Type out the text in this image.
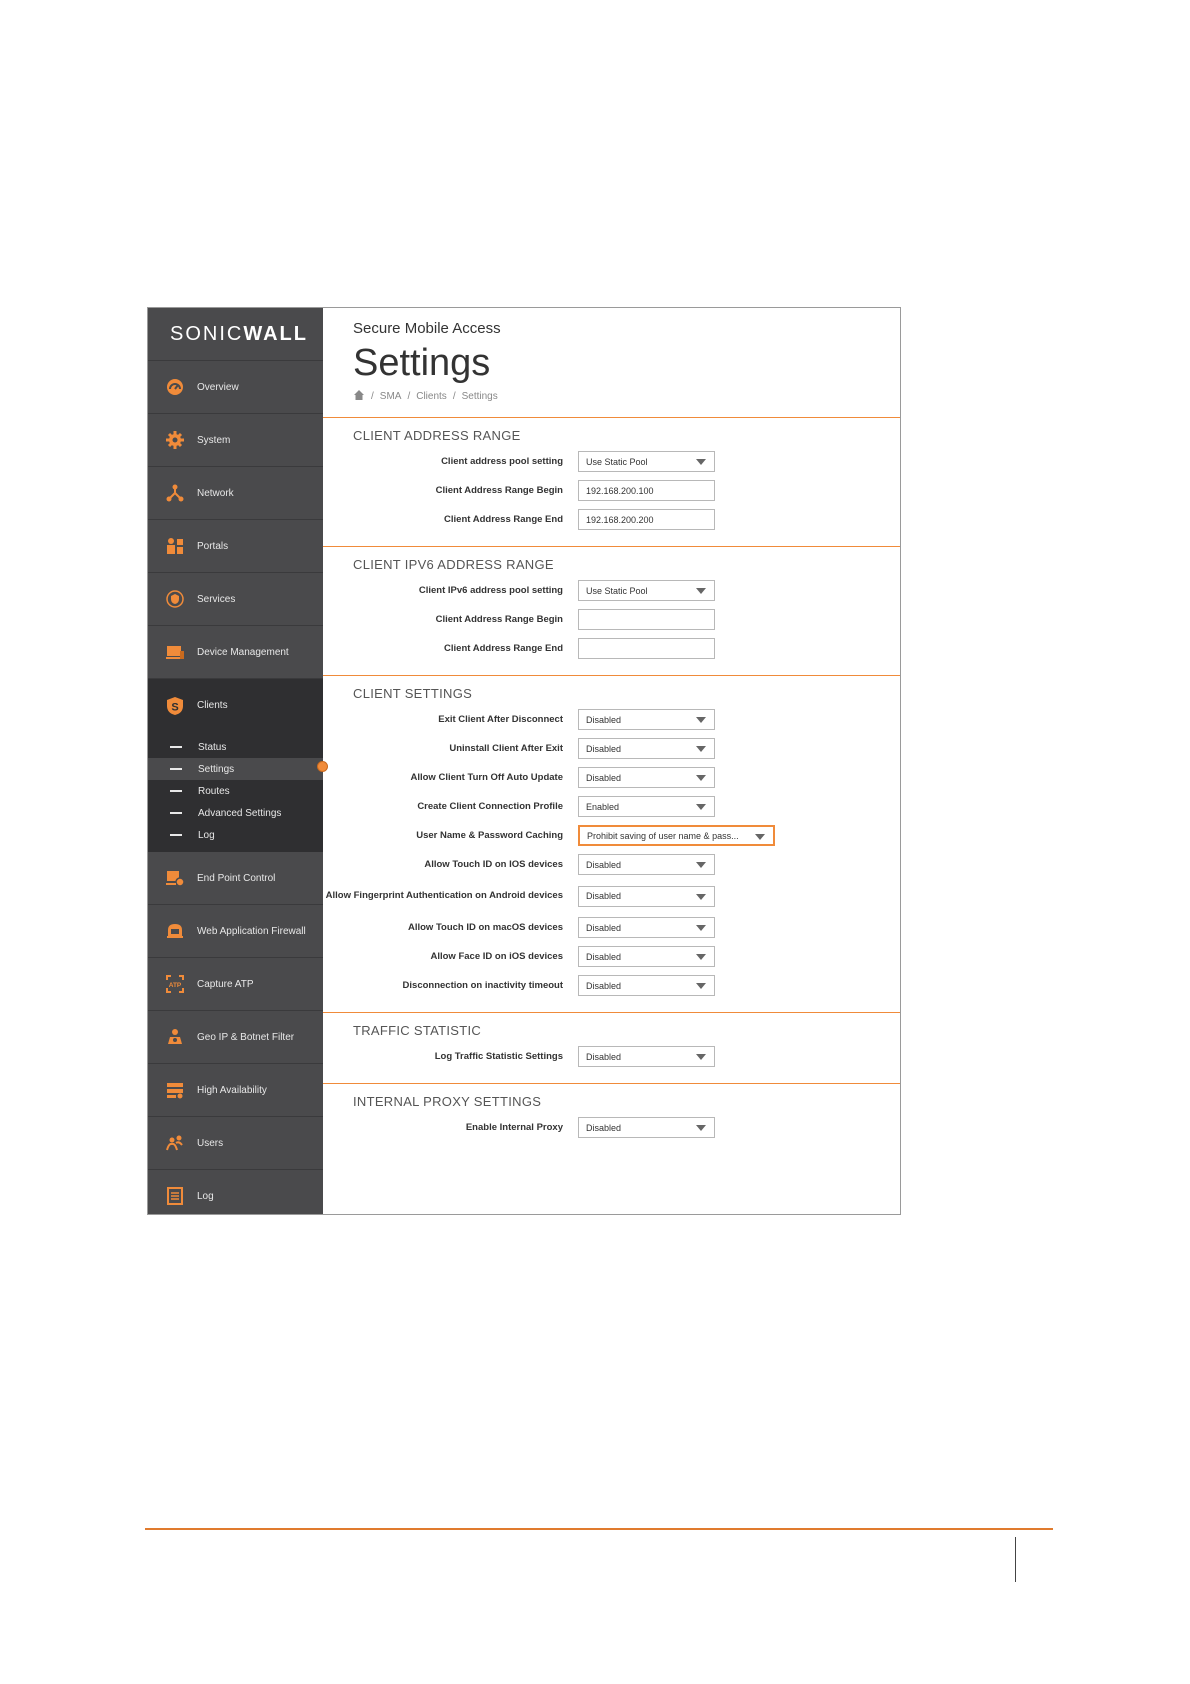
SONIC WALL
Overview
System
Network
Portals
Services
Device Management
S Clients
Status
Settings
Routes
Advanced Settings
Log
End Point Control
Web Application Firewall
ATP Capture ATP
Geo IP & Botnet Filter
High Availability
Users
Log
Secure Mobile Access
Settings
/ SMA / Clients / Settings
CLIENT ADDRESS RANGE
Client address pool setting	Use Static Pool
Client Address Range Begin	192.168.200.100
Client Address Range End	192.168.200.200
CLIENT IPV6 ADDRESS RANGE
Client IPv6 address pool setting	Use Static Pool
Client Address Range Begin
Client Address Range End
CLIENT SETTINGS
Exit Client After Disconnect	Disabled
Uninstall Client After Exit	Disabled
Allow Client Turn Off Auto Update	Disabled
Create Client Connection Profile	Enabled
User Name & Password Caching	Prohibit saving of user name & pass...
Allow Touch ID on IOS devices	Disabled
Allow Fingerprint Authentication on Android devices	Disabled
Allow Touch ID on macOS devices	Disabled
Allow Face ID on iOS devices	Disabled
Disconnection on inactivity timeout	Disabled
TRAFFIC STATISTIC
Log Traffic Statistic Settings	Disabled
INTERNAL PROXY SETTINGS
Enable Internal Proxy	Disabled
